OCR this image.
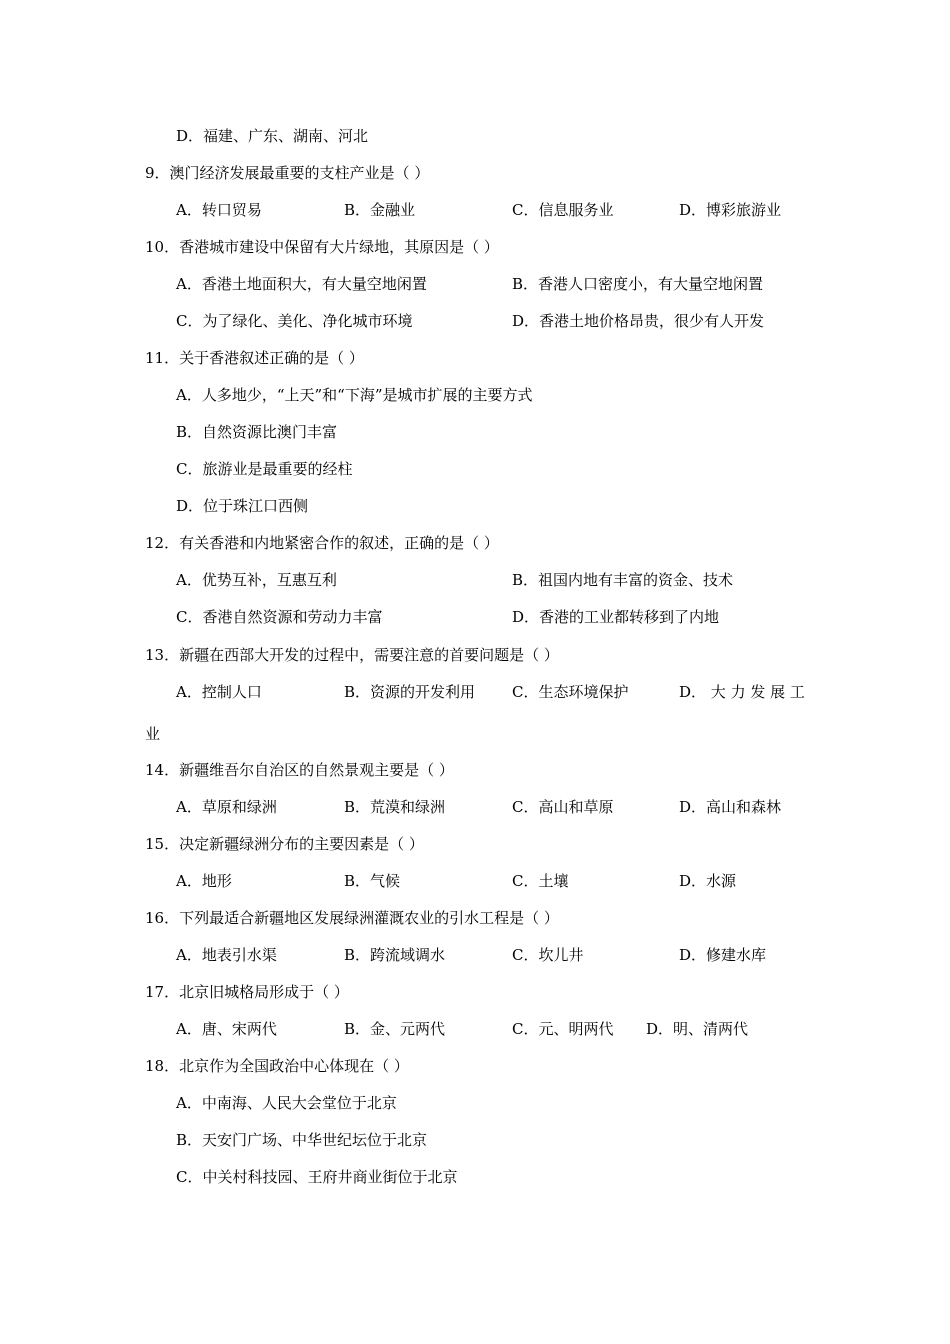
D．福建、广东、湖南、河北
9．澳门经济发展最重要的支柱产业是（ ）
A．转口贸易	B．金融业	C．信息服务业	D．博彩旅游业
10．香港城市建设中保留有大片绿地，其原因是（ ）
A．香港土地面积大，有大量空地闲置	B．香港人口密度小，有大量空地闲置
C．为了绿化、美化、净化城市环境	D．香港土地价格昂贵，很少有人开发
11．关于香港叙述正确的是（ ）
A．人多地少，“上天”和“下海”是城市扩展的主要方式
B．自然资源比澳门丰富
C．旅游业是最重要的经柱
D．位于珠江口西侧
12．有关香港和内地紧密合作的叙述，正确的是（ ）
A．优势互补，互惠互利	B．祖国内地有丰富的资金、技术
C．香港自然资源和劳动力丰富	D．香港的工业都转移到了内地
13．新疆在西部大开发的过程中，需要注意的首要问题是（ ）
A．控制人口	B．资源的开发利用 C．生态环境保护	D． 大 力 发 展 工
业
14．新疆维吾尔自治区的自然景观主要是（ ）
A．草原和绿洲	B．荒漠和绿洲	C．高山和草原	D．高山和森林
15．决定新疆绿洲分布的主要因素是（ ）
A．地形	B．气候	C．土壤	D．水源
16．下列最适合新疆地区发展绿洲灌溉农业的引水工程是（ ）
A．地表引水渠	B．跨流域调水	C．坎儿井	D．修建水库
17．北京旧城格局形成于（ ）
A．唐、宋两代	B．金、元两代	C．元、明两代 D．明、清两代
18．北京作为全国政治中心体现在（ ）
A．中南海、人民大会堂位于北京
B．天安门广场、中华世纪坛位于北京
C．中关村科技园、王府井商业街位于北京
